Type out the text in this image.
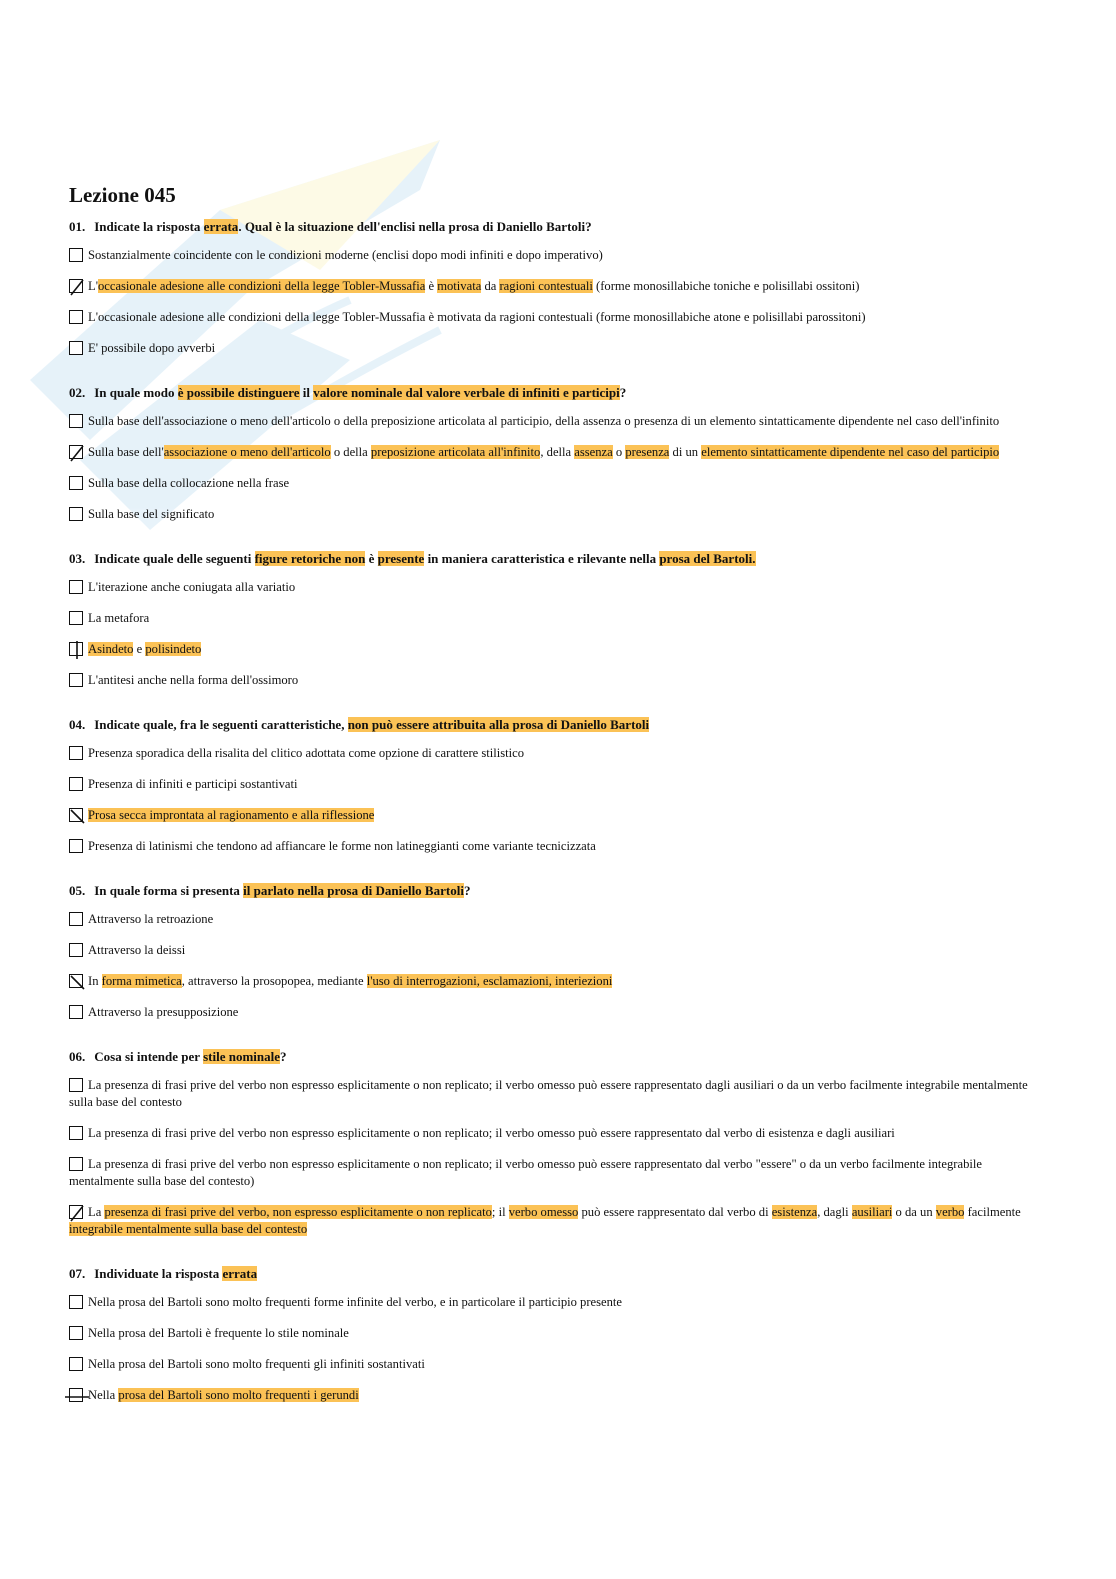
Lezione 045
01. Indicate la risposta errata. Qual è la situazione dell'enclisi nella prosa di Daniello Bartoli?
Sostanzialmente coincidente con le condizioni moderne (enclisi dopo modi infiniti e dopo imperativo)
L'occasionale adesione alle condizioni della legge Tobler-Mussafia è motivata da ragioni contestuali (forme monosillabiche toniche e polisillabi ossitoni)
L'occasionale adesione alle condizioni della legge Tobler-Mussafia è motivata da ragioni contestuali (forme monosillabiche atone e polisillabi parossitoni)
E' possibile dopo avverbi
02. In quale modo è possibile distinguere il valore nominale dal valore verbale di infiniti e participi?
Sulla base dell'associazione o meno dell'articolo o della preposizione articolata al participio, della assenza o presenza di un elemento sintatticamente dipendente nel caso dell'infinito
Sulla base dell'associazione o meno dell'articolo o della preposizione articolata all'infinito, della assenza o presenza di un elemento sintatticamente dipendente nel caso del participio
Sulla base della collocazione nella frase
Sulla base del significato
03. Indicate quale delle seguenti figure retoriche non è presente in maniera caratteristica e rilevante nella prosa del Bartoli.
L'iterazione anche coniugata alla variatio
La metafora
Asindeto e polisindeto
L'antitesi anche nella forma dell'ossimoro
04. Indicate quale, fra le seguenti caratteristiche, non può essere attribuita alla prosa di Daniello Bartoli
Presenza sporadica della risalita del clitico adottata come opzione di carattere stilistico
Presenza di infiniti e participi sostantivati
Prosa secca improntata al ragionamento e alla riflessione
Presenza di latinismi che tendono ad affiancare le forme non latineggianti come variante tecnicizzata
05. In quale forma si presenta il parlato nella prosa di Daniello Bartoli?
Attraverso la retroazione
Attraverso la deissi
In forma mimetica, attraverso la prosopopea, mediante l'uso di interrogazioni, esclamazioni, interiezioni
Attraverso la presupposizione
06. Cosa si intende per stile nominale?
La presenza di frasi prive del verbo non espresso esplicitamente o non replicato; il verbo omesso può essere rappresentato dagli ausiliari o da un verbo facilmente integrabile mentalmente sulla base del contesto
La presenza di frasi prive del verbo non espresso esplicitamente o non replicato; il verbo omesso può essere rappresentato dal verbo di esistenza e dagli ausiliari
La presenza di frasi prive del verbo non espresso esplicitamente o non replicato; il verbo omesso può essere rappresentato dal verbo "essere" o da un verbo facilmente integrabile mentalmente sulla base del contesto)
La presenza di frasi prive del verbo, non espresso esplicitamente o non replicato; il verbo omesso può essere rappresentato dal verbo di esistenza, dagli ausiliari o da un verbo facilmente integrabile mentalmente sulla base del contesto
07. Individuate la risposta errata
Nella prosa del Bartoli sono molto frequenti forme infinite del verbo, e in particolare il participio presente
Nella prosa del Bartoli è frequente lo stile nominale
Nella prosa del Bartoli sono molto frequenti gli infiniti sostantivati
Nella prosa del Bartoli sono molto frequenti i gerundi
